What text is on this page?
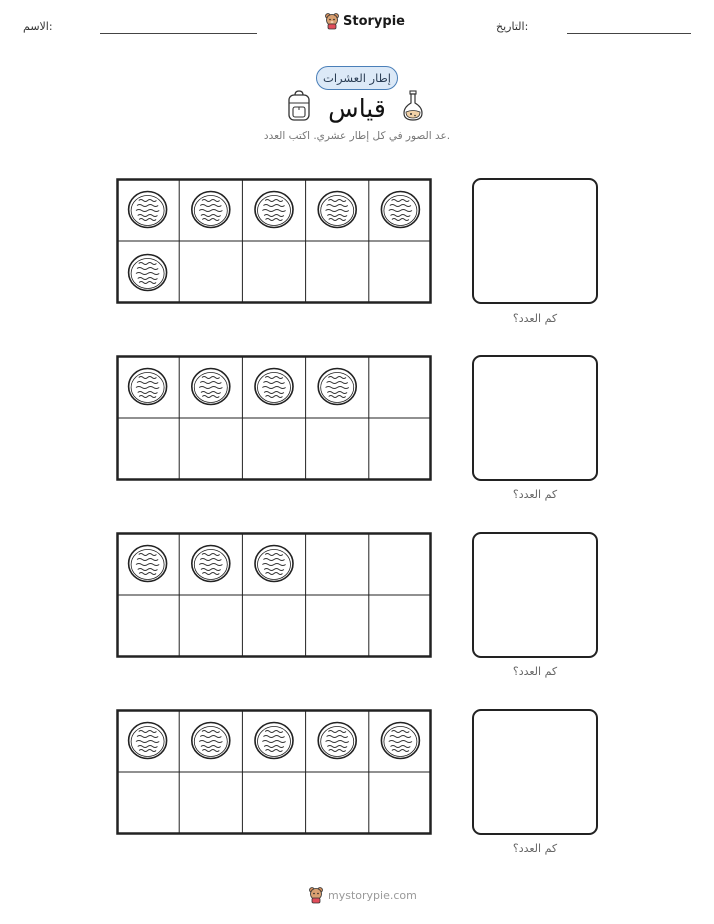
الاسم:	Storypie	التاريخ:
إطار العشرات
قياس
عد الصور في كل إطار عشري. اكتب العدد.
كم العدد؟
كم العدد؟
كم العدد؟
كم العدد؟
mystorypie.com
